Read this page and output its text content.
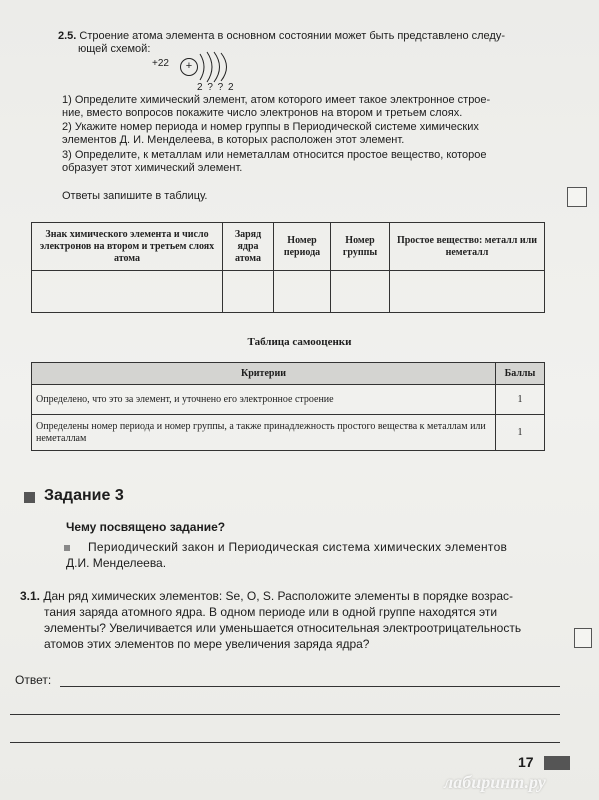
2.5. Строение атома элемента в основном состоянии может быть представлено следу-
ющей схемой:
+22	+
2 ? ? 2
1) Определите химический элемент, атом которого имеет такое электронное строе-
ние, вместо вопросов покажите число электронов на втором и третьем слоях.
2) Укажите номер периода и номер группы в Периодической системе химических
элементов Д. И. Менделеева, в которых расположен этот элемент.
3) Определите, к металлам или неметаллам относится простое вещество, которое
образует этот химический элемент.
Ответы запишите в таблицу.
Знак химического элемента и число электронов на втором и третьем слоях атома	Заряд ядра атома	Номер периода	Номер группы	Простое вещество: металл или неметалл

Таблица самооценки
Критерии	Баллы
Определено, что это за элемент, и уточнено его электронное строение	1
Определены номер периода и номер группы, а также принадлежность простого вещества к металлам или неметаллам	1
Задание 3
Чему посвящено задание?
Периодический закон и Периодическая система химических элементов
Д.И. Менделеева.
3.1. Дан ряд химических элементов: Se, O, S. Расположите элементы в порядке возрас-
тания заряда атомного ядра. В одном периоде или в одной группе находятся эти
элементы? Увеличивается или уменьшается относительная электроотрицательность
атомов этих элементов по мере увеличения заряда ядра?
Ответ:
17
лабиринт.ру
